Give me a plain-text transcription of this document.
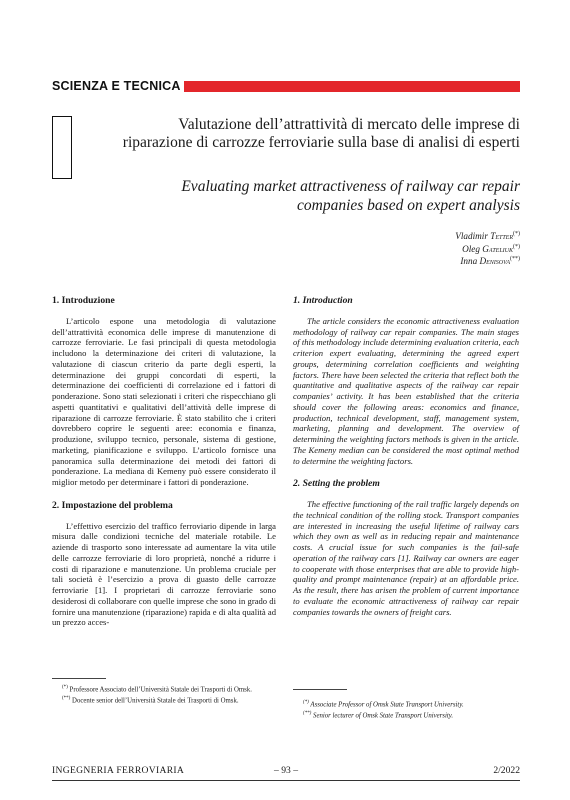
SCIENZA E TECNICA
Valutazione dell’attrattività di mercato delle imprese di riparazione di carrozze ferroviarie sulla base di analisi di esperti
Evaluating market attractiveness of railway car repair companies based on expert analysis
Vladimir Tetter(*)
Oleg Gateliuk(*)
Inna Denisova(**)
1. Introduzione

L’articolo espone una metodologia di valutazione dell’attrattività economica delle imprese di manutenzione di carrozze ferroviarie. Le fasi principali di questa metodologia includono la determinazione dei criteri di valutazione, la valutazione di ciascun criterio da parte degli esperti, la determinazione dei gruppi concordati di esperti, la determinazione dei coefficienti di correlazione ed i fattori di ponderazione. Sono stati selezionati i criteri che rispecchiano gli aspetti quantitativi e qualitativi dell’attività delle imprese di riparazione di carrozze ferroviarie. È stato stabilito che i criteri dovrebbero coprire le seguenti aree: economia e finanza, produzione, sviluppo tecnico, personale, sistema di gestione, marketing, pianificazione e sviluppo. L’articolo fornisce una panoramica sulla determinazione dei metodi dei fattori di ponderazione. La mediana di Kemeny può essere considerato il miglior metodo per determinare i fattori di ponderazione.

2. Impostazione del problema

L’effettivo esercizio del traffico ferroviario dipende in larga misura dalle condizioni tecniche del materiale rotabile. Le aziende di trasporto sono interessate ad aumentare la vita utile delle carrozze ferroviarie di loro proprietà, nonché a ridurre i costi di riparazione e manutenzione. Un problema cruciale per tali società è l’esercizio a prova di guasto delle carrozze ferroviarie [1]. I proprietari di carrozze ferroviarie sono desiderosi di collaborare con quelle imprese che sono in grado di fornire una manutenzione (riparazione) rapida e di alta qualità ad un prezzo acces-

1. Introduction

The article considers the economic attractiveness evaluation methodology of railway car repair companies. The main stages of this methodology include determining evaluation criteria, each criterion expert evaluating, determining the agreed expert groups, determining correlation coefficients and weighting factors. There have been selected the criteria that reflect both the quantitative and qualitative aspects of the railway car repair companies’ activity. It has been established that the criteria should cover the following areas: economics and finance, production, technical development, staff, management system, marketing, planning and development. The overview of determining the weighting factors methods is given in the article. The Kemeny median can be considered the most optimal method to determine the weighting factors.

2. Setting the problem

The effective functioning of the rail traffic largely depends on the technical condition of the rolling stock. Transport companies are interested in increasing the useful lifetime of railway cars which they own as well as in reducing repair and maintenance costs. A crucial issue for such companies is the fail-safe operation of the railway cars [1]. Railway car owners are eager to cooperate with those enterprises that are able to provide high-quality and prompt maintenance (repair) at an affordable price. As the result, there has arisen the problem of current importance to evaluate the economic attractiveness of railway car repair companies towards the owners of freight cars.

(*) Professore Associato dell’Università Statale dei Trasporti di Omsk.
(**) Docente senior dell’Università Statale dei Trasporti di Omsk.	(*) Associate Professor of Omsk State Transport University.
(**) Senior lecturer of Omsk State Transport University.
INGEGNERIA FERROVIARIA	– 93 –	2/2022
